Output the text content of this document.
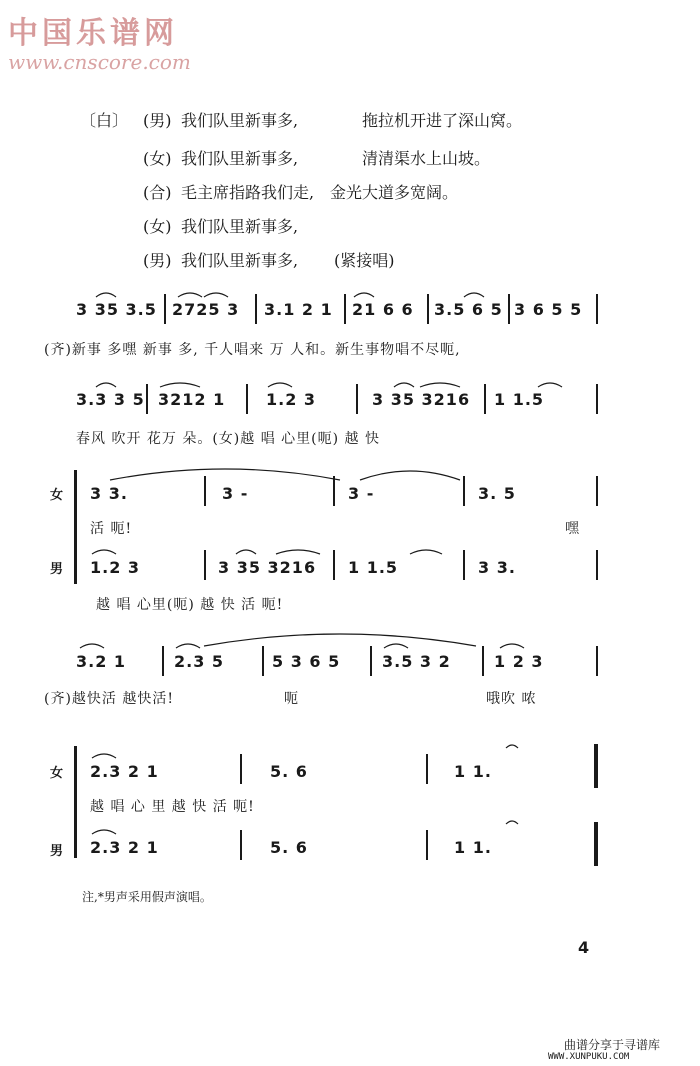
中国乐谱网
www.cnscore.com
〔白〕 (男) 我们队里新事多,	拖拉机开进了深山窝。
(女) 我们队里新事多,	清清渠水上山坡。
(合) 毛主席指路我们走, 金光大道多宽阔。
(女) 我们队里新事多,
(男) 我们队里新事多, (紧接唱)
3 35 3.5 2725 3 3.1 2 1 21 6 6 3.5 6 5 3 6 5 5
(齐)新事 多嘿 新事 多, 千人唱来 万 人和。新生事物唱不尽呃,
3.3 3 5 3212 1	1.2 3	3 35 3216 1 1.5
春风 吹开 花万 朵。(女)越 唱 心里(呃) 越 快
女 3 3.	3 -	3 -	3. 5
活 呃!	嘿
男 1.2 3	3 35 3216 1 1.5	3 3.
越 唱 心里(呃) 越 快 活 呃!
3.2 1	2.3 5	5 3 6 5	3.5 3 2	1 2 3
(齐)越快活 越快活!	呃	哦吹 哝
女 2.3 2 1	5. 6	1 1.
越 唱 心 里 越 快 活 呃!
男 2.3 2 1	5. 6	1 1.
注,*男声采用假声演唱。
4
曲谱分享于寻谱库
WWW.XUNPUKU.COM
